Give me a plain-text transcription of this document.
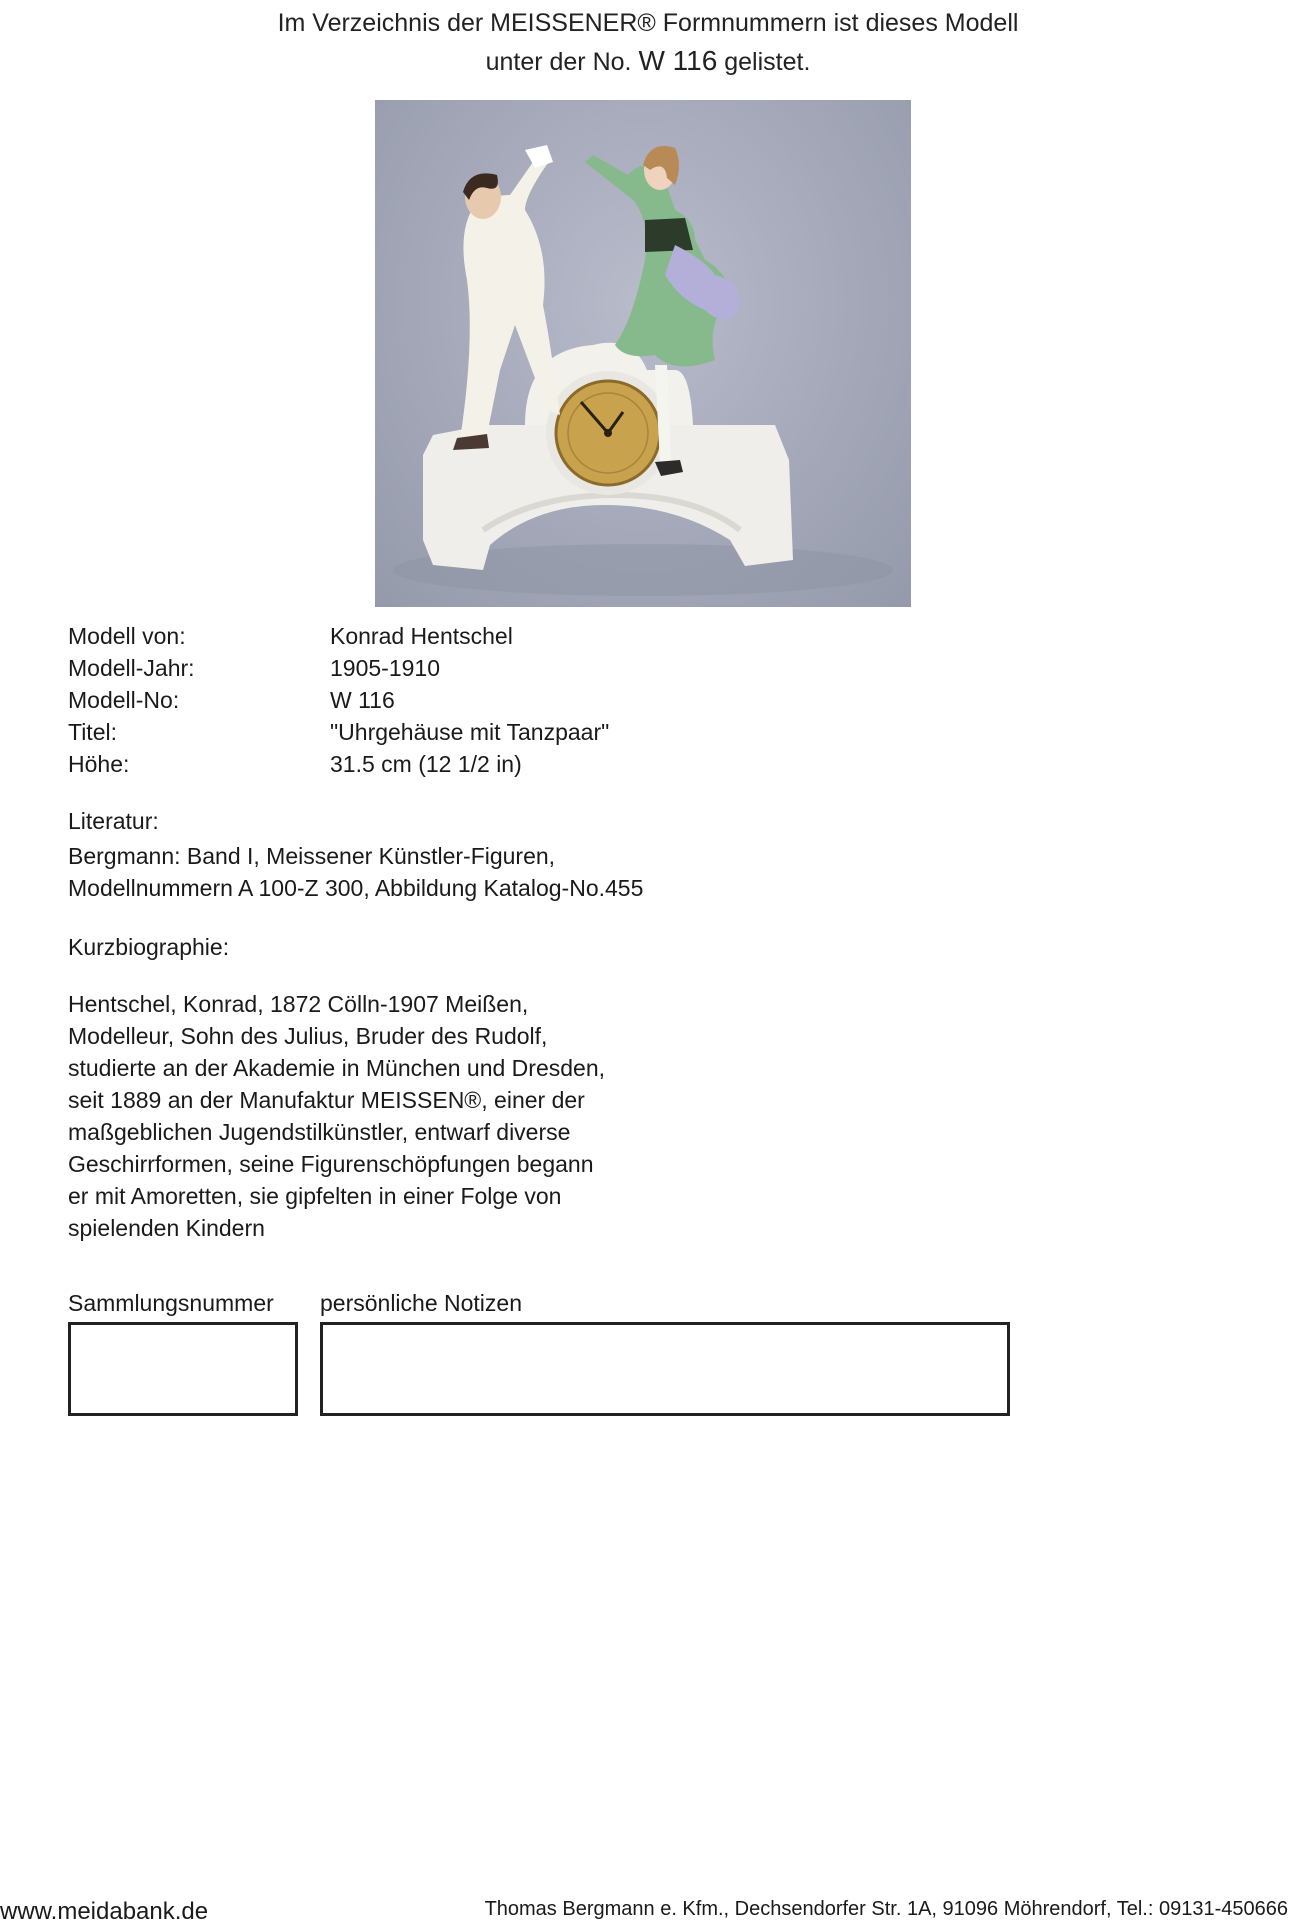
Im Verzeichnis der MEISSENER® Formnummern ist dieses Modell
unter der No. W 116 gelistet.
Modell von:	Konrad Hentschel
Modell-Jahr:	1905-1910
Modell-No:	W 116
Titel:	"Uhrgehäuse mit Tanzpaar"
Höhe:	31.5 cm (12 1/2 in)
Literatur:
Bergmann: Band I, Meissener Künstler-Figuren,
Modellnummern A 100-Z 300, Abbildung Katalog-No.455
Kurzbiographie:
Hentschel, Konrad, 1872 Cölln-1907 Meißen,
Modelleur, Sohn des Julius, Bruder des Rudolf,
studierte an der Akademie in München und Dresden,
seit 1889 an der Manufaktur MEISSEN®, einer der
maßgeblichen Jugendstilkünstler, entwarf diverse
Geschirrformen, seine Figurenschöpfungen begann
er mit Amoretten, sie gipfelten in einer Folge von
spielenden Kindern
Sammlungsnummer persönliche Notizen
www.meidabank.de	Thomas Bergmann e. Kfm., Dechsendorfer Str. 1A, 91096 Möhrendorf, Tel.: 09131-450666
